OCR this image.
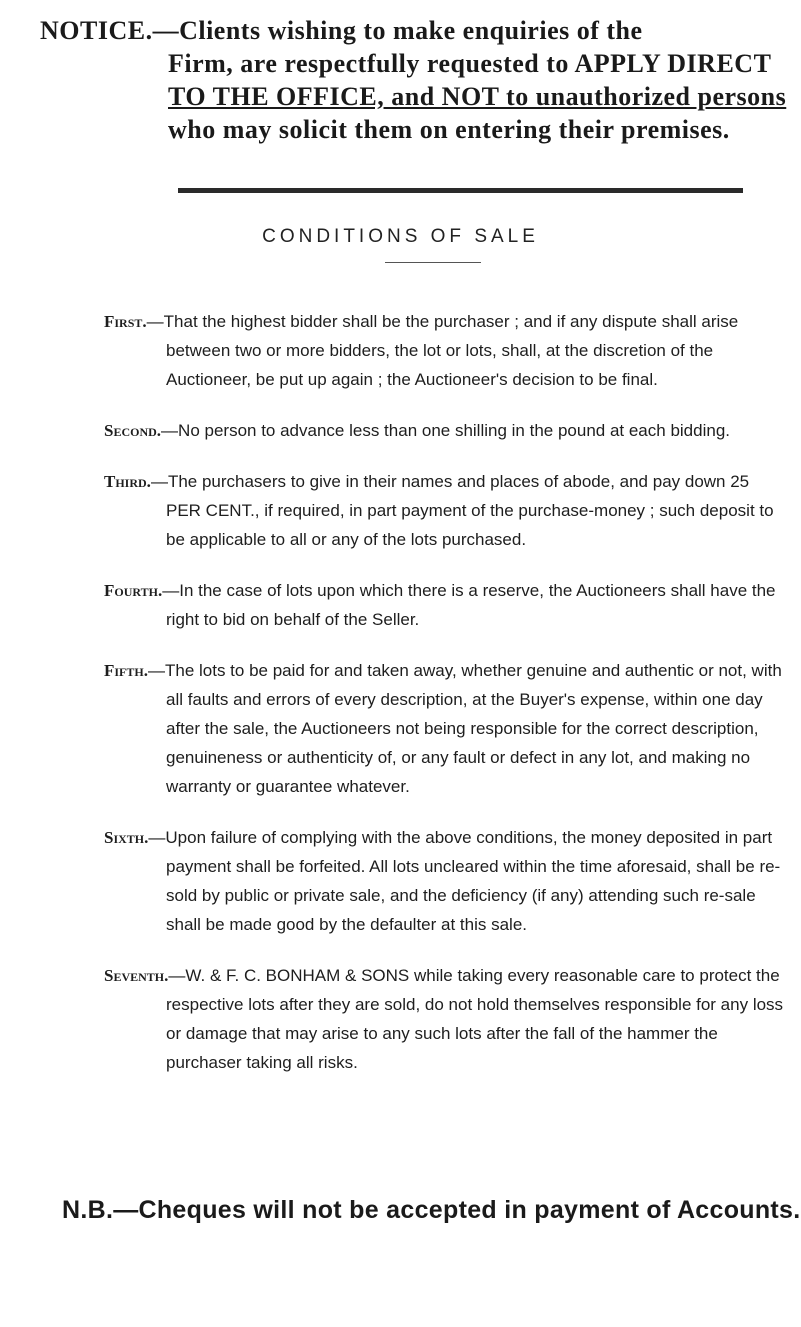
NOTICE.—Clients wishing to make enquiries of the
Firm, are respectfully requested to APPLY DIRECT
TO THE OFFICE, and NOT to unauthorized persons
who may solicit them on entering their premises.
CONDITIONS OF SALE

First.—That the highest bidder shall be the purchaser ; and if any dispute shall arise between two or more bidders, the lot or lots, shall, at the discretion of the Auctioneer, be put up again ; the Auctioneer's decision to be final.

Second.—No person to advance less than one shilling in the pound at each bidding.

Third.—The purchasers to give in their names and places of abode, and pay down 25 PER CENT., if required, in part payment of the purchase-money ; such deposit to be applicable to all or any of the lots purchased.

Fourth.—In the case of lots upon which there is a reserve, the Auctioneers shall have the right to bid on behalf of the Seller.

Fifth.—The lots to be paid for and taken away, whether genuine and authentic or not, with all faults and errors of every description, at the Buyer's expense, within one day after the sale, the Auctioneers not being responsible for the correct description, genuineness or authenticity of, or any fault or defect in any lot, and making no warranty or guarantee whatever.

Sixth.—Upon failure of complying with the above conditions, the money deposited in part payment shall be forfeited. All lots uncleared within the time aforesaid, shall be re-sold by public or private sale, and the deficiency (if any) attending such re-sale shall be made good by the defaulter at this sale.

Seventh.—W. & F. C. BONHAM & SONS while taking every reasonable care to protect the respective lots after they are sold, do not hold themselves responsible for any loss or damage that may arise to any such lots after the fall of the hammer the purchaser taking all risks.

N.B.—Cheques will not be accepted in payment of Accounts.
